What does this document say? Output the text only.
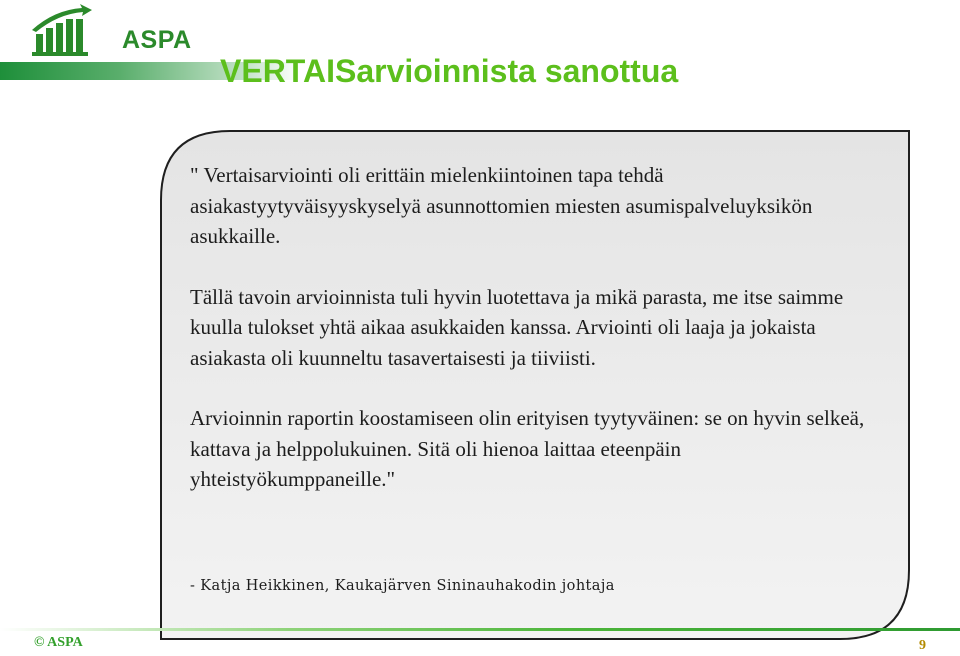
ASPA
VERTAISarvioinnista sanottua

" Vertaisarviointi oli erittäin mielenkiintoinen tapa tehdä asiakastyytyväisyyskyselyä asunnottomien miesten asumispalveluyksikön asukkaille.

Tällä tavoin arvioinnista tuli hyvin luotettava ja mikä parasta, me itse saimme kuulla tulokset yhtä aikaa asukkaiden kanssa. Arviointi oli laaja ja jokaista asiakasta oli kuunneltu tasavertaisesti ja tiiviisti.

Arvioinnin raportin koostamiseen olin erityisen tyytyväinen: se on hyvin selkeä, kattava ja helppolukuinen. Sitä oli hienoa laittaa eteenpäin yhteistyökumppaneille."

- Katja Heikkinen, Kaukajärven Sininauhakodin johtaja
© ASPA	9
